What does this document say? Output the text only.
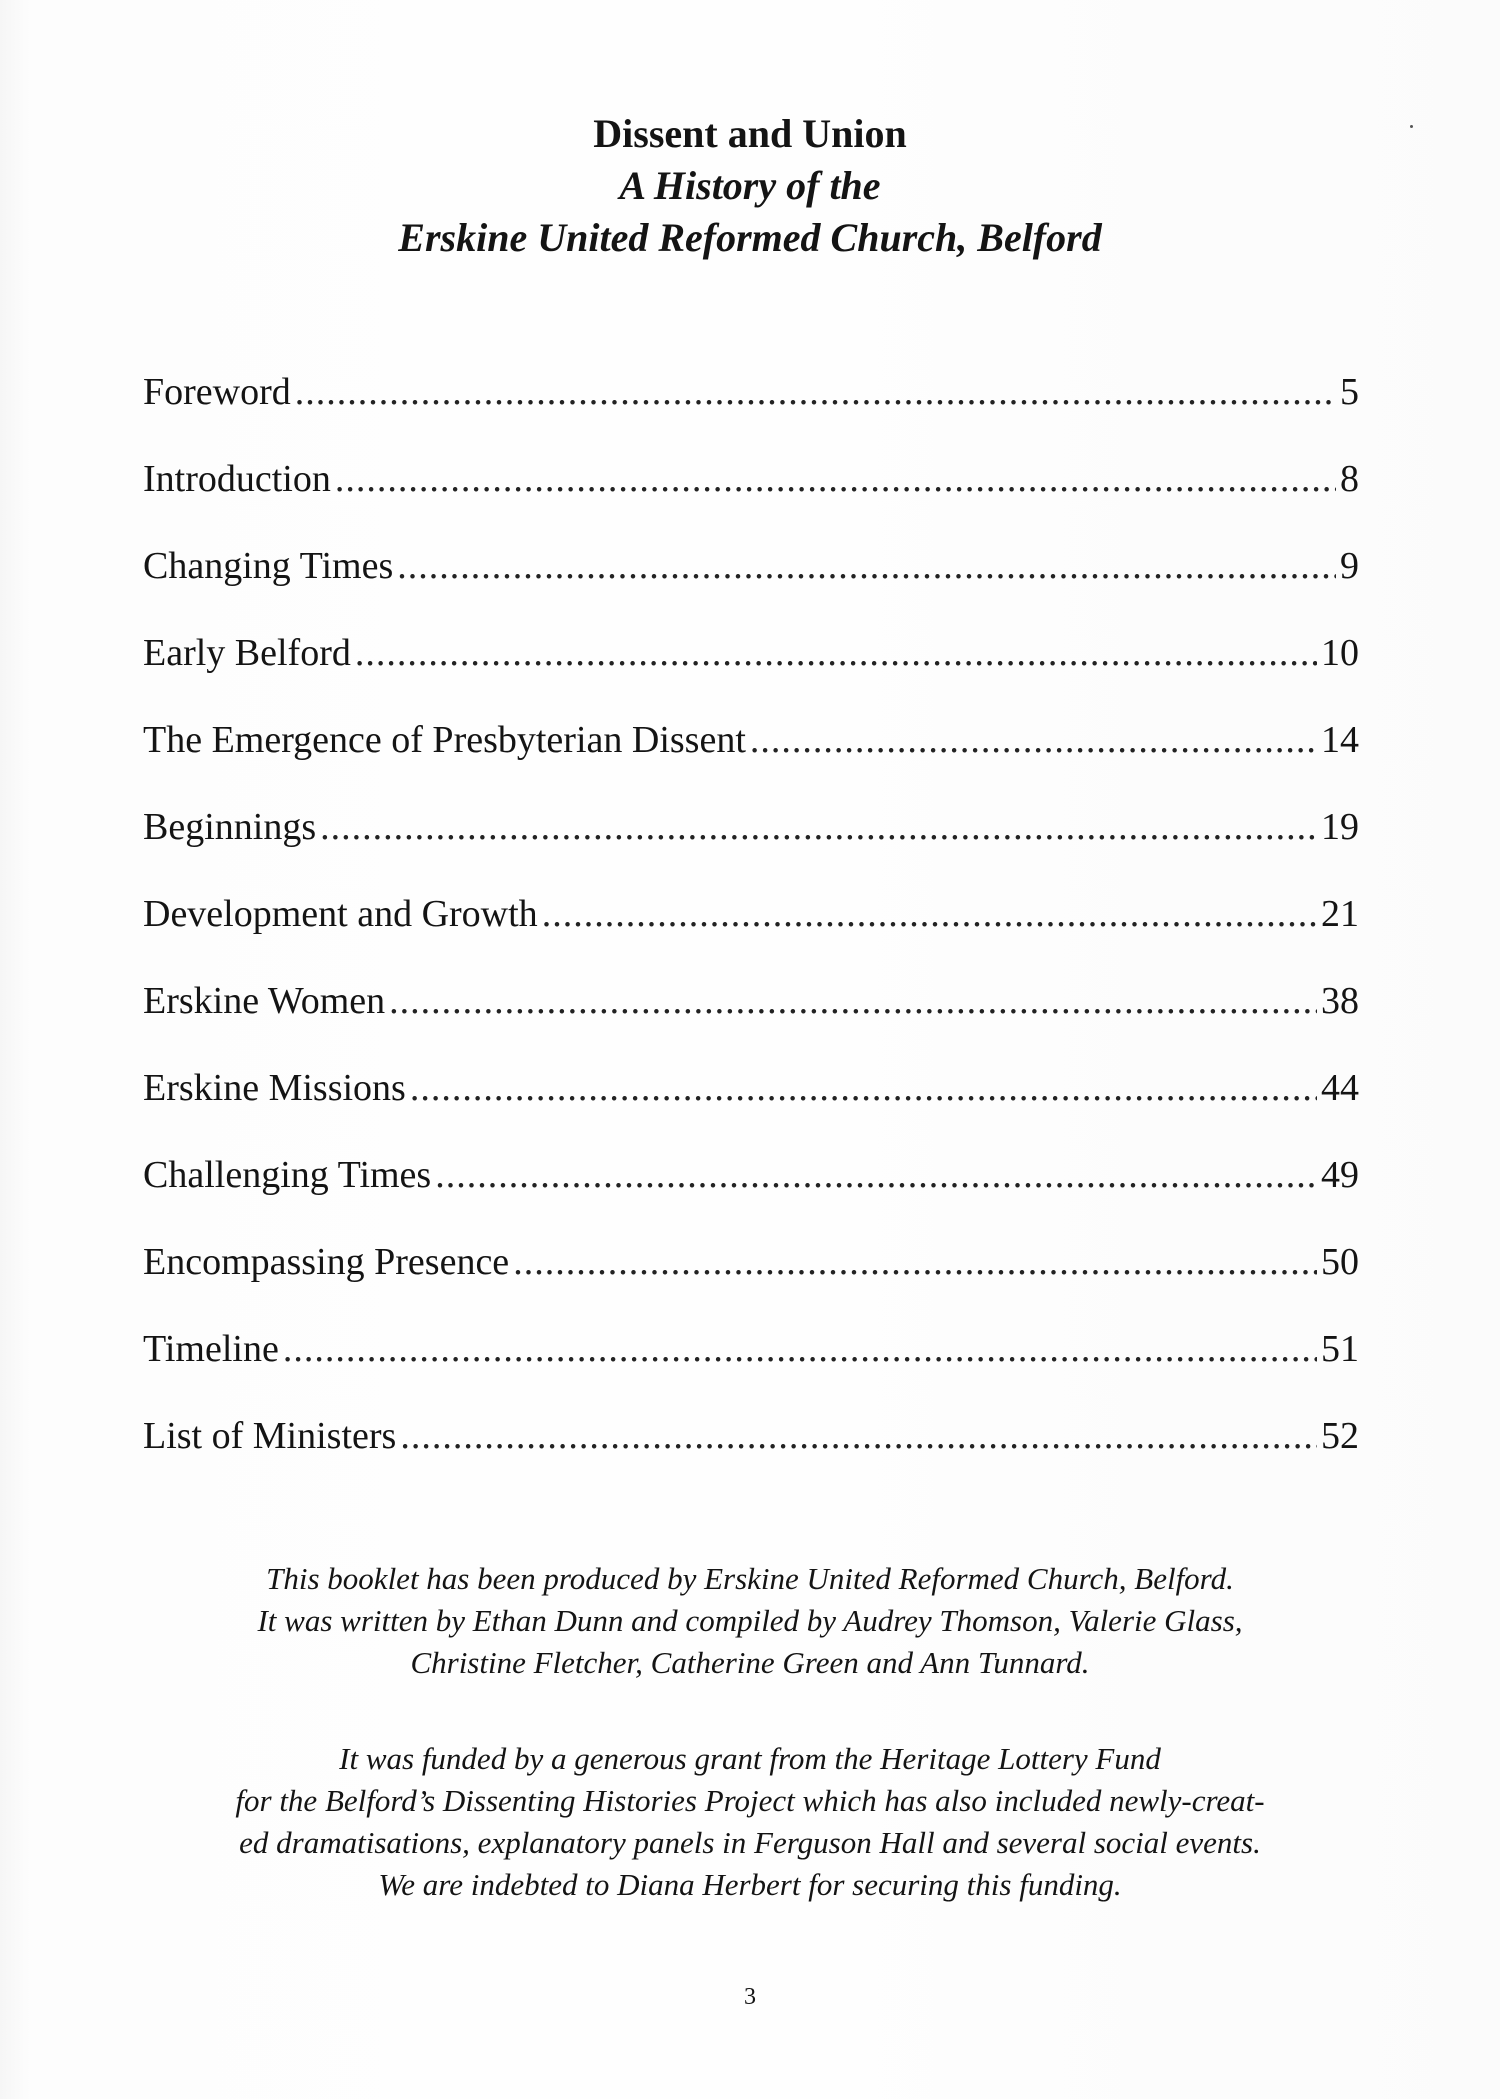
Dissent and Union
A History of the
Erskine United Reformed Church, Belford
Foreword .....	5
Introduction .....	8
Changing Times .....	9
Early Belford .....	10
The Emergence of Presbyterian Dissent .....	14
Beginnings .....	19
Development and Growth .....	21
Erskine Women .....	38
Erskine Missions .....	44
Challenging Times .....	49
Encompassing Presence .....	50
Timeline .....	51
List of Ministers .....	52

This booklet has been produced by Erskine United Reformed Church, Belford.

It was written by Ethan Dunn and compiled by Audrey Thomson, Valerie Glass,

Christine Fletcher, Catherine Green and Ann Tunnard.

It was funded by a generous grant from the Heritage Lottery Fund

for the Belford’s Dissenting Histories Project which has also included newly-creat-

ed dramatisations, explanatory panels in Ferguson Hall and several social events.

We are indebted to Diana Herbert for securing this funding.

3
